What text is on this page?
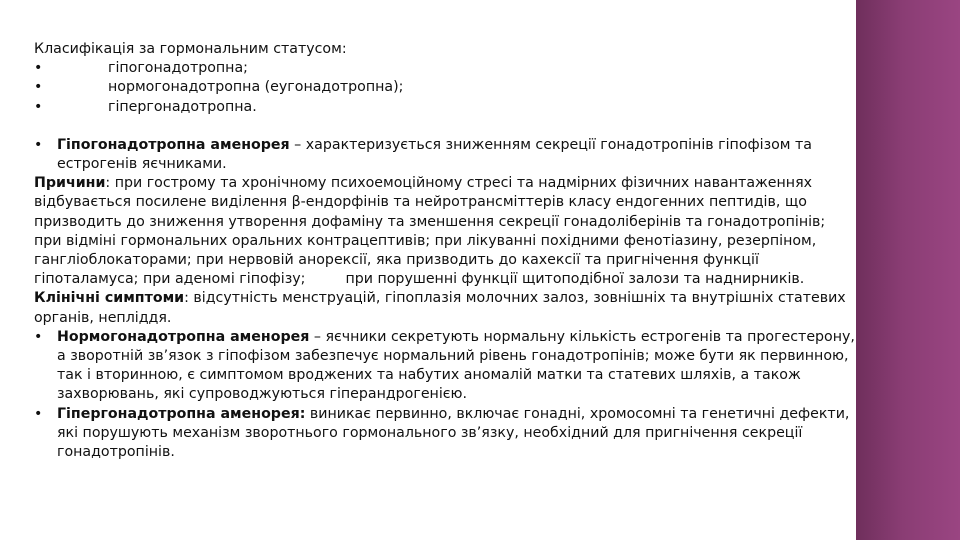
Класифікація за гормональним статусом:
•	гіпогонадотропна;
•	нормогонадотропна (еугонадотропна);
•	гіпергонадотропна.
• Гіпогонадотропна аменорея – характеризується зниженням секреції гонадотропінів гіпофізом та
естрогенів яєчниками.
Причини: при гострому та хронічному психоемоційному стресі та надмірних фізичних навантаженнях
відбувається посилене виділення β-ендорфінів та нейротрансміттерів класу ендогенних пептидів, що
призводить до зниження утворення дофаміну та зменшення секреції гонадоліберінів та гонадотропінів;
при відміні гормональних оральних контрацептивів; при лікуванні похідними фенотіазину, резерпіном,
гангліоблокаторами; при нервовій анорексії, яка призводить до кахексії та пригнічення функції
гіпоталамуса; при аденомі гіпофізу;	при порушенні функції щитоподібної залози та наднирників.
Клінічні симптоми: відсутність менструацій, гіпоплазія молочних залоз, зовнішніх та внутрішніх статевих
органів, непліддя.
• Нормогонадотропна аменорея – яєчники секретують нормальну кількість естрогенів та прогестерону,
а зворотній зв’язок з гіпофізом забезпечує нормальний рівень гонадотропінів; може бути як первинною,
так і вторинною, є симптомом вроджених та набутих аномалій матки та статевих шляхів, а також
захворювань, які супроводжуються гіперандрогенією.
• Гіпергонадотропна аменорея: виникає первинно, включає гонадні, хромосомні та генетичні дефекти,
які порушують механізм зворотнього гормонального зв’язку, необхідний для пригнічення секреції
гонадотропінів.
